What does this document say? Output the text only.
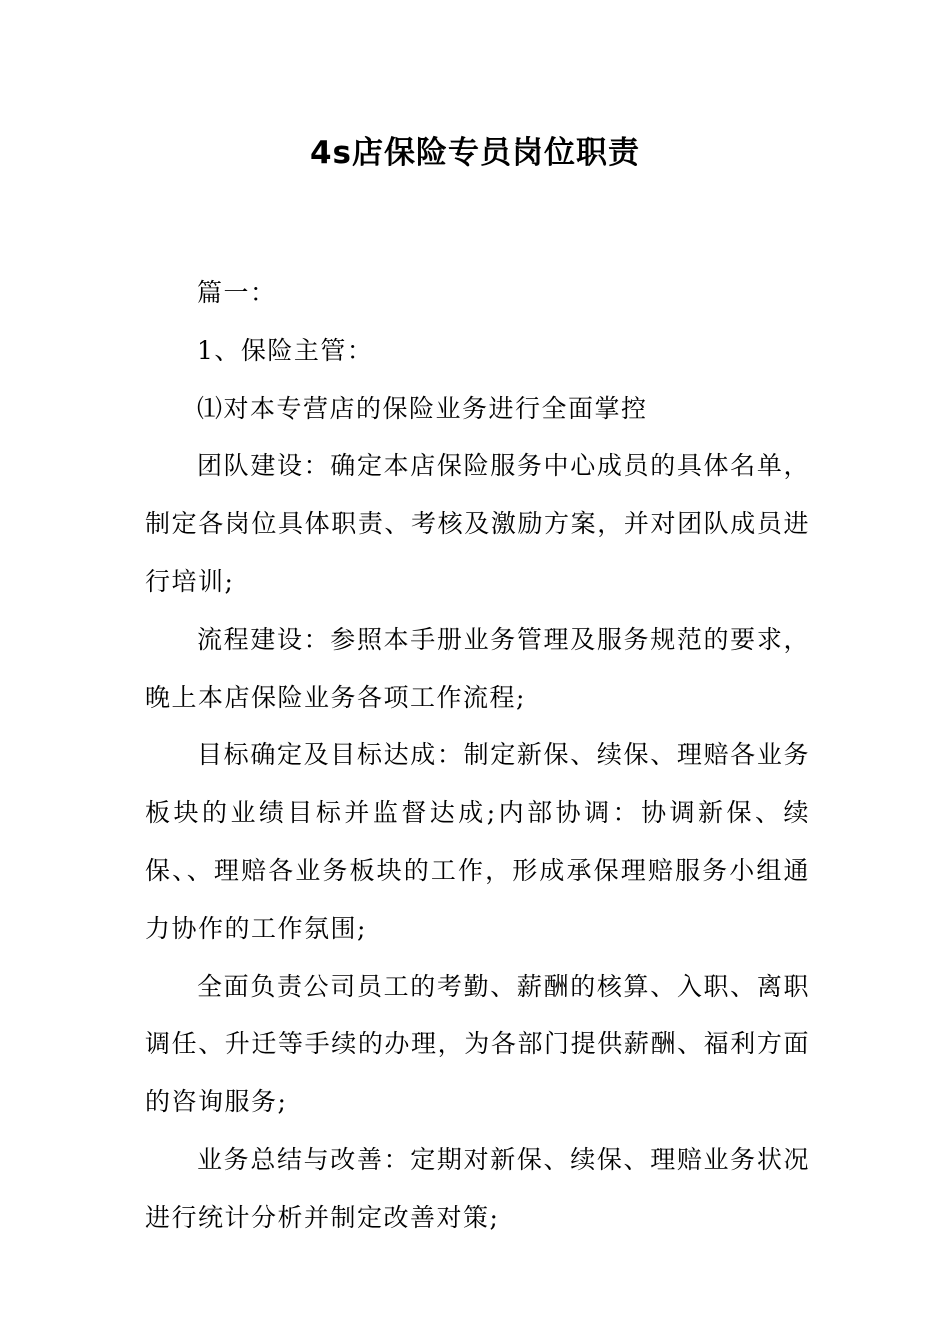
4s店保险专员岗位职责

篇一：

1、保险主管：

⑴对本专营店的保险业务进行全面掌控

团队建设：确定本店保险服务中心成员的具体名单，制定各岗位具体职责、考核及激励方案，并对团队成员进行培训;

流程建设：参照本手册业务管理及服务规范的要求，晚上本店保险业务各项工作流程;

目标确定及目标达成：制定新保、续保、理赔各业务板块的业绩目标并监督达成;内部协调：协调新保、续保、、理赔各业务板块的工作，形成承保理赔服务小组通力协作的工作氛围;

全面负责公司员工的考勤、薪酬的核算、入职、离职调任、升迁等手续的办理，为各部门提供薪酬、福利方面的咨询服务;

业务总结与改善：定期对新保、续保、理赔业务状况进行统计分析并制定改善对策;
